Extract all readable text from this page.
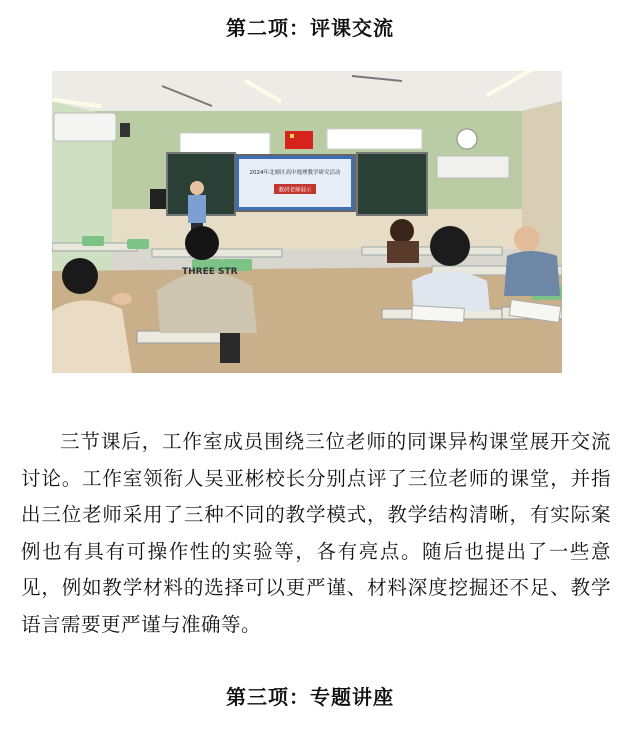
第二项：评课交流
2024年北塘区高中地理教学研究活动
教研老师展示
THREE STR
三节课后，工作室成员围绕三位老师的同课异构课堂展开交流讨论。工作室领衔人吴亚彬校长分别点评了三位老师的课堂，并指出三位老师采用了三种不同的教学模式，教学结构清晰，有实际案例也有具有可操作性的实验等，各有亮点。随后也提出了一些意见，例如教学材料的选择可以更严谨、材料深度挖掘还不足、教学语言需要更严谨与准确等。
第三项：专题讲座
